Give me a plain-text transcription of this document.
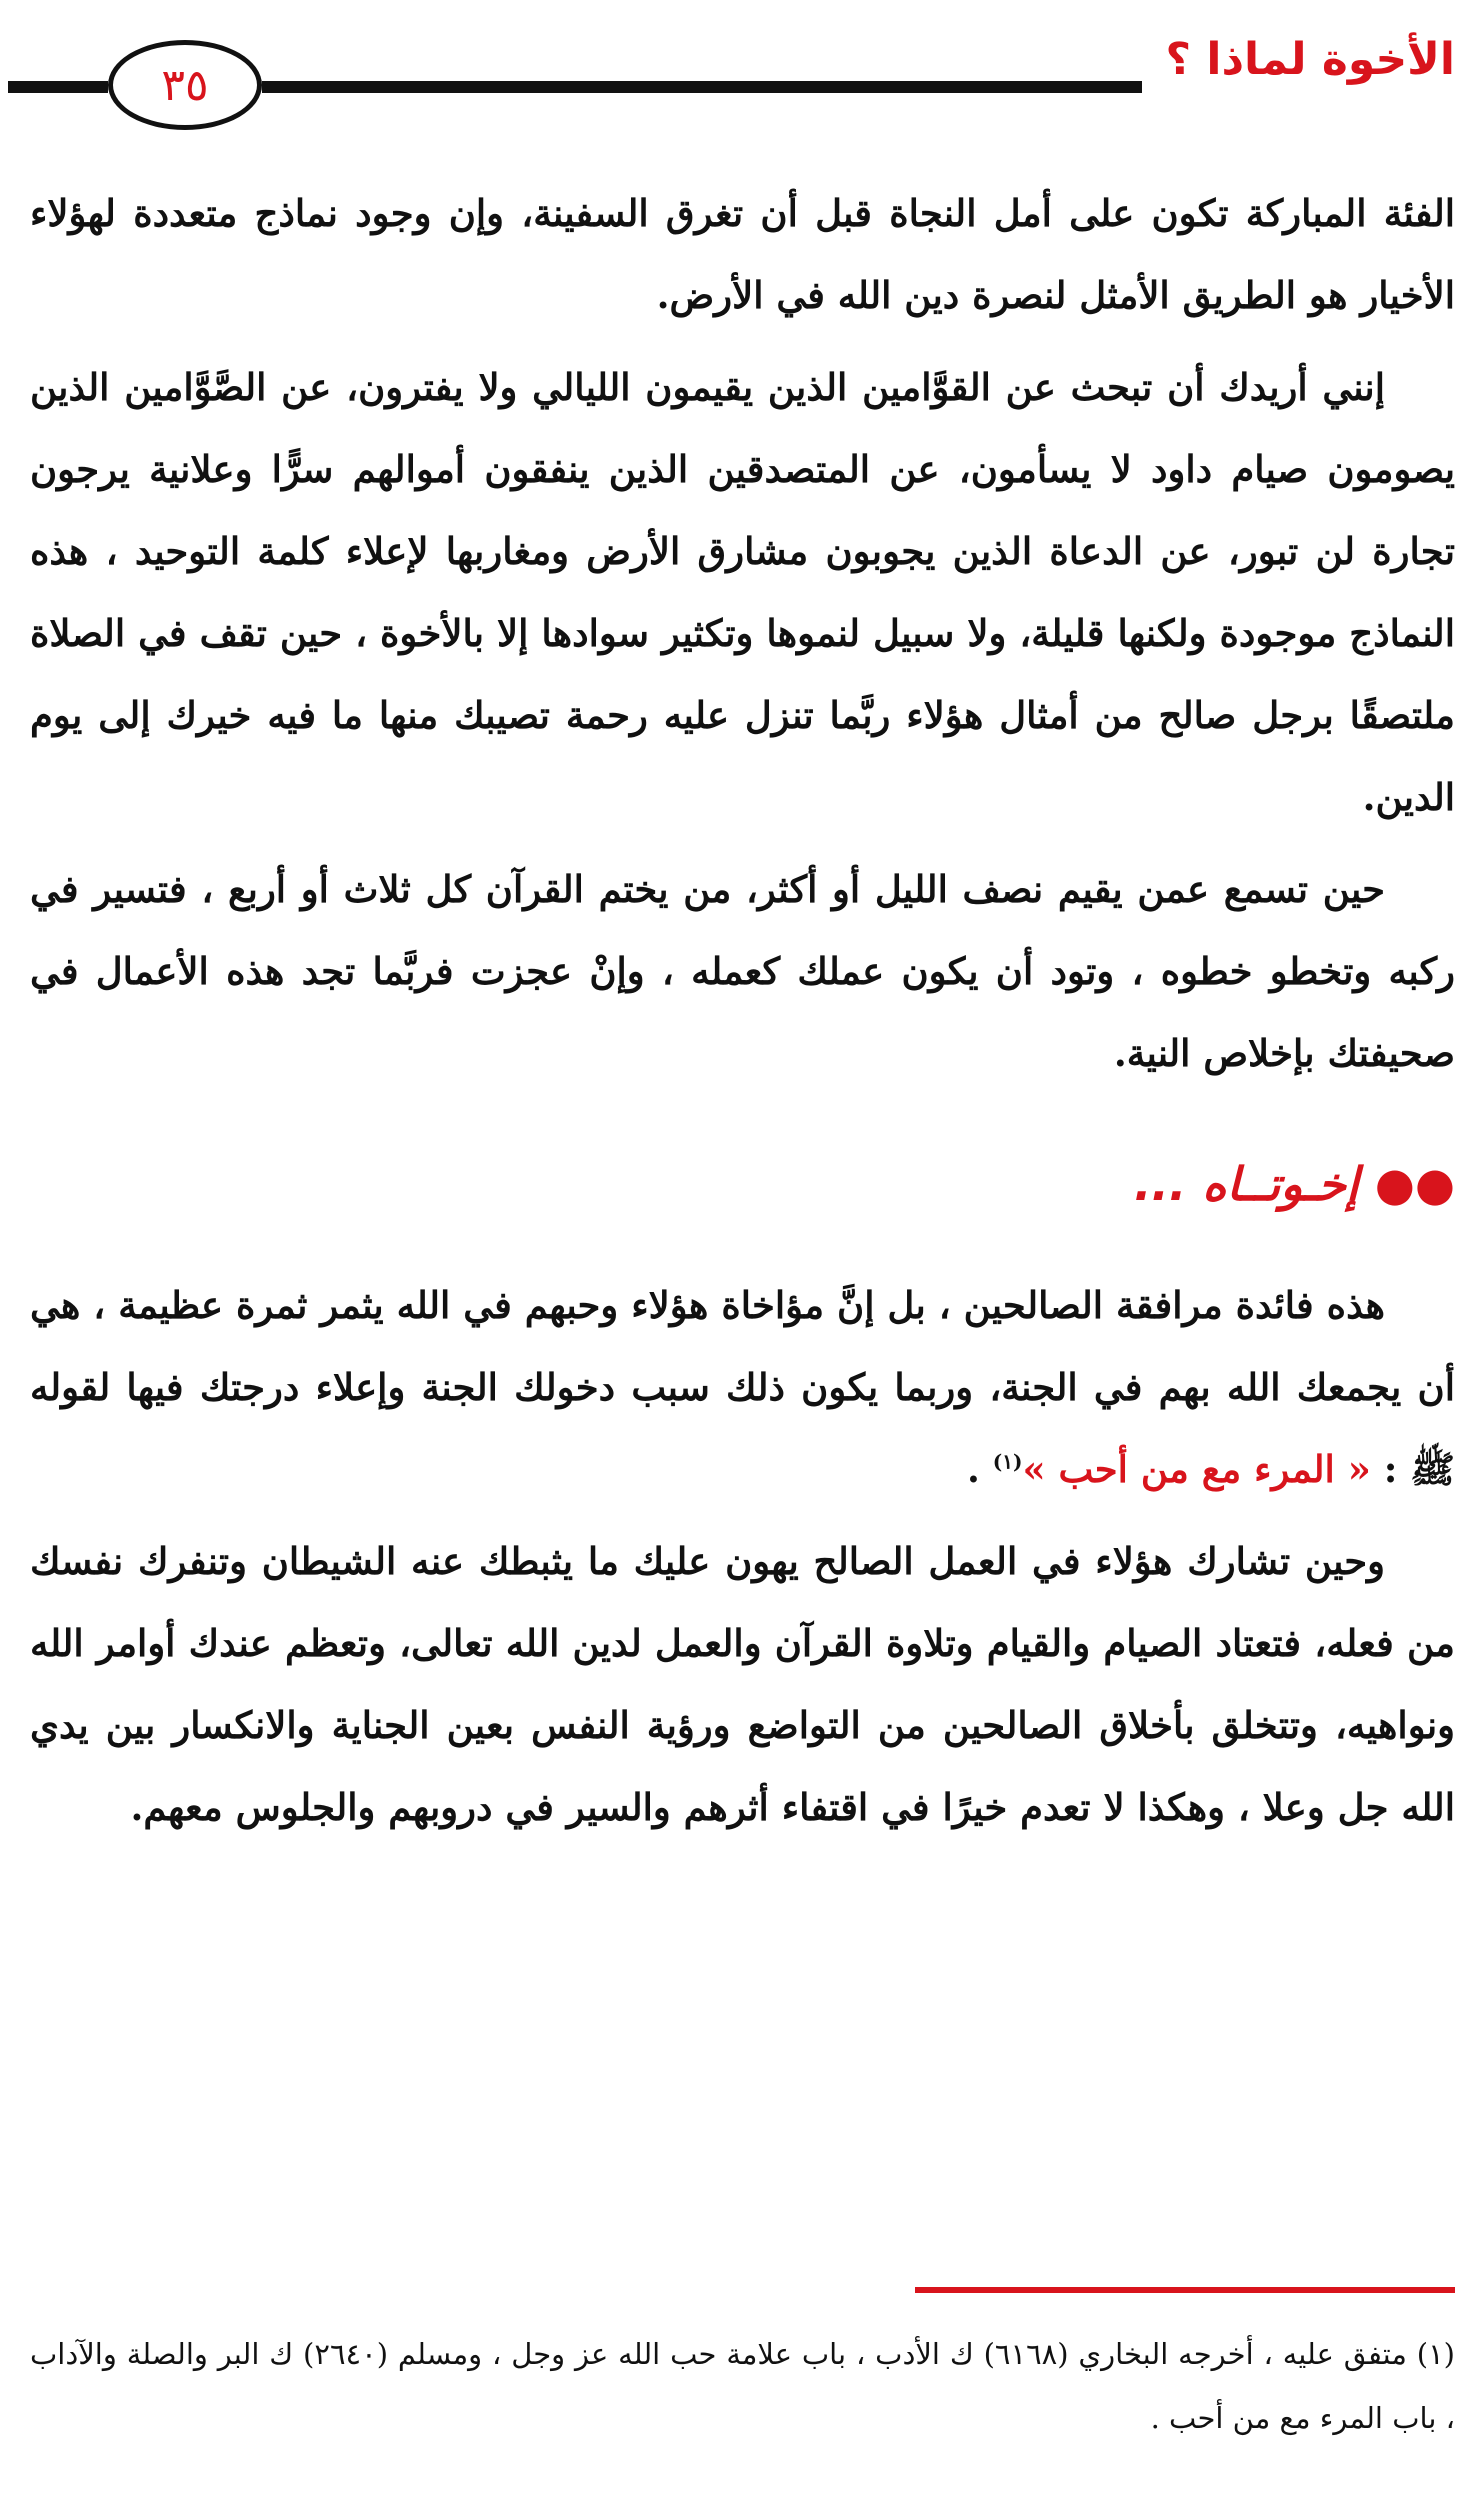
٣٥	الأخوة لماذا ؟

الفئة المباركة تكون على أمل النجاة قبل أن تغرق السفينة، وإن وجود نماذج متعددة لهؤلاء الأخيار هو الطريق الأمثل لنصرة دين الله في الأرض.

إنني أريدك أن تبحث عن القوَّامين الذين يقيمون الليالي ولا يفترون، عن الصَّوَّامين الذين يصومون صيام داود لا يسأمون، عن المتصدقين الذين ينفقون أموالهم سرًّا وعلانية يرجون تجارة لن تبور، عن الدعاة الذين يجوبون مشارق الأرض ومغاربها لإعلاء كلمة التوحيد ، هذه النماذج موجودة ولكنها قليلة، ولا سبيل لنموها وتكثير سوادها إلا بالأخوة ، حين تقف في الصلاة ملتصقًا برجل صالح من أمثال هؤلاء ربَّما تنزل عليه رحمة تصيبك منها ما فيه خيرك إلى يوم الدين.

حين تسمع عمن يقيم نصف الليل أو أكثر، من يختم القرآن كل ثلاث أو أربع ، فتسير في ركبه وتخطو خطوه ، وتود أن يكون عملك كعمله ، وإنْ عجزت فربَّما تجد هذه الأعمال في صحيفتك بإخلاص النية.

●● إخـوتــاه ...

هذه فائدة مرافقة الصالحين ، بل إنَّ مؤاخاة هؤلاء وحبهم في الله يثمر ثمرة عظيمة ، هي أن يجمعك الله بهم في الجنة، وربما يكون ذلك سبب دخولك الجنة وإعلاء درجتك فيها لقوله ﷺ : « المرء مع من أحب »$^{(١)}$ .

وحين تشارك هؤلاء في العمل الصالح يهون عليك ما يثبطك عنه الشيطان وتنفرك نفسك من فعله، فتعتاد الصيام والقيام وتلاوة القرآن والعمل لدين الله تعالى، وتعظم عندك أوامر الله ونواهيه، وتتخلق بأخلاق الصالحين من التواضع ورؤية النفس بعين الجناية والانكسار بين يدي الله جل وعلا ، وهكذا لا تعدم خيرًا في اقتفاء أثرهم والسير في دروبهم والجلوس معهم.

(١) متفق عليه ، أخرجه البخاري (٦١٦٨) ك الأدب ، باب علامة حب الله عز وجل ، ومسلم (٢٦٤٠) ك البر والصلة والآداب ، باب المرء مع من أحب .
